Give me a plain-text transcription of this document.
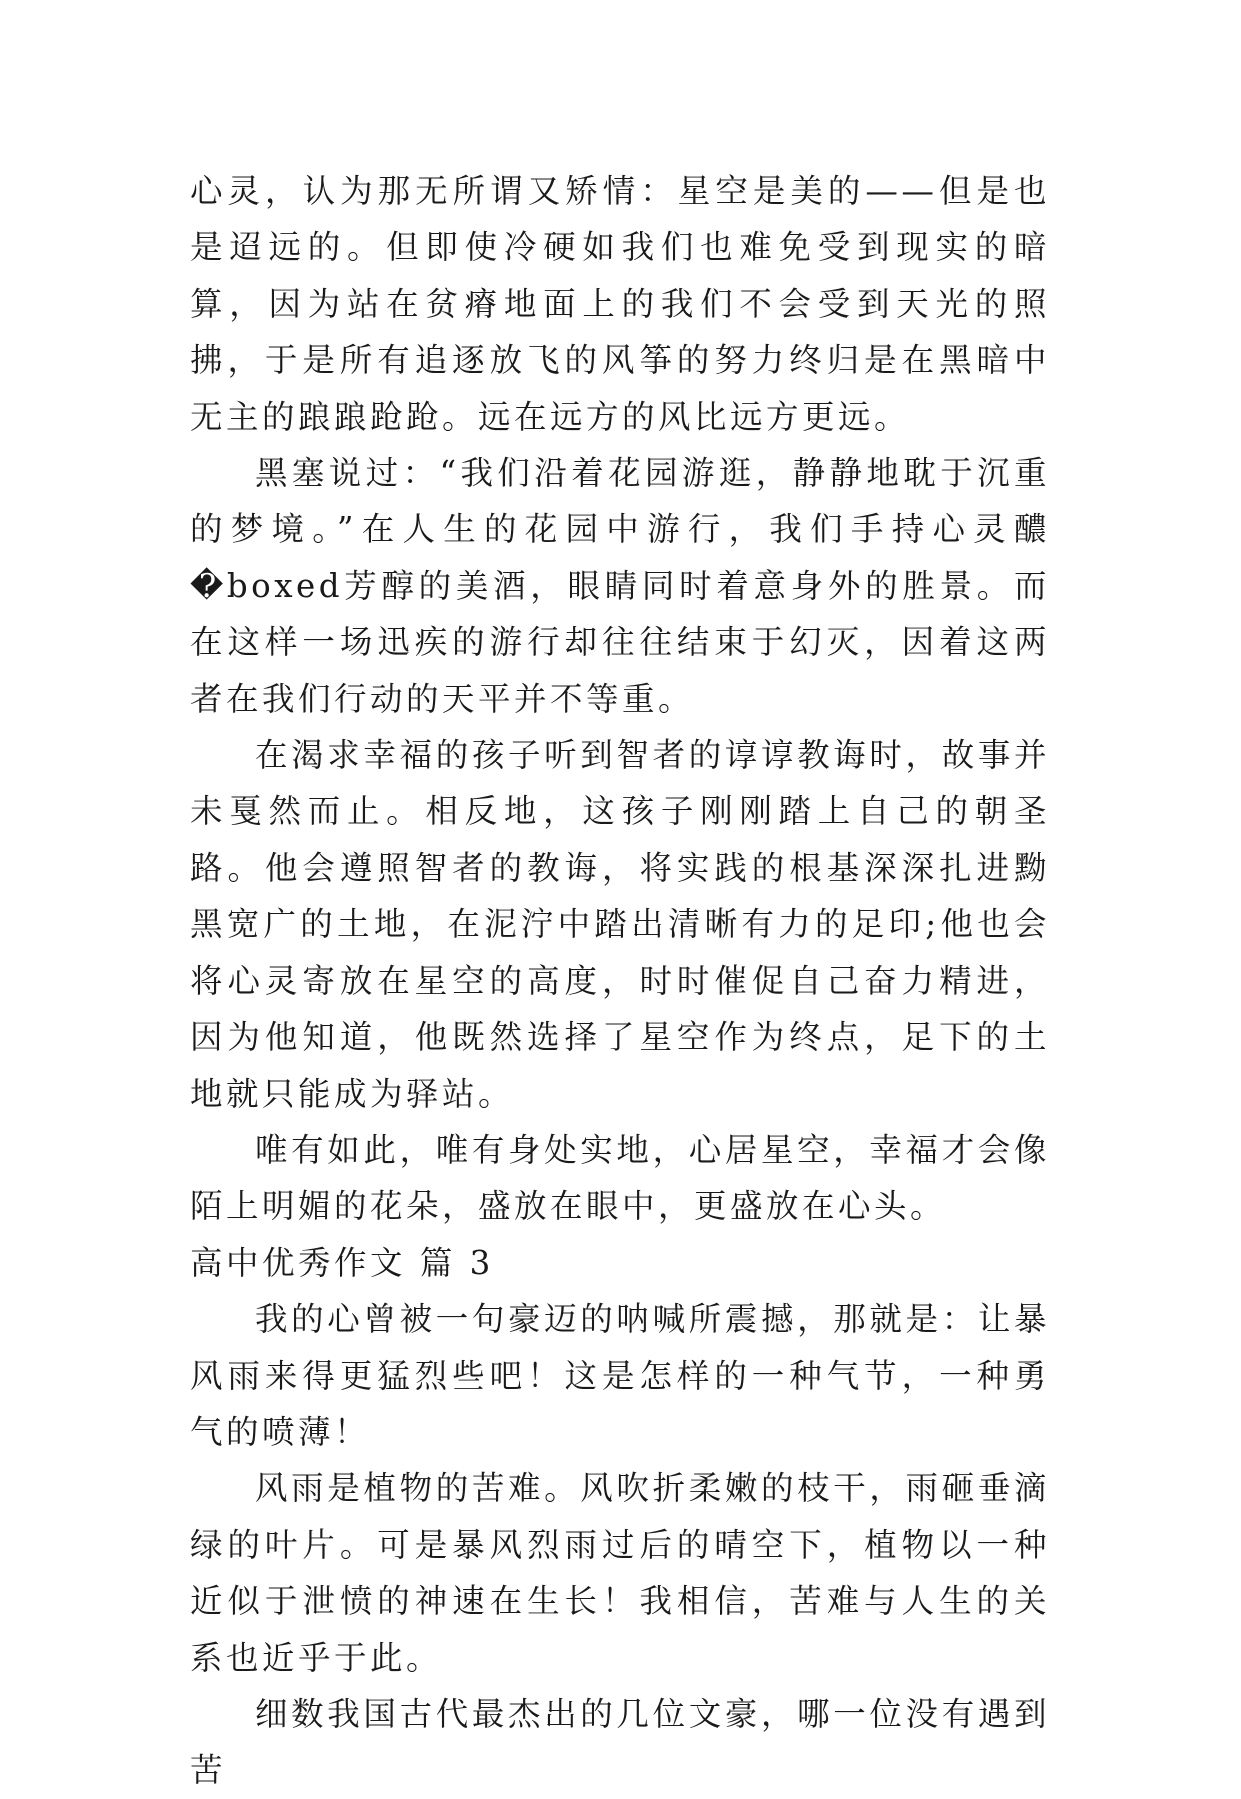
心灵，认为那无所谓又矫情：星空是美的——但是也是迢远的。但即使冷硬如我们也难免受到现实的暗算，因为站在贫瘠地面上的我们不会受到天光的照拂，于是所有追逐放飞的风筝的努力终归是在黑暗中无主的踉踉跄跄。远在远方的风比远方更远。

黑塞说过：“我们沿着花园游逛，静静地耽于沉重的梦境。”在人生的花园中游行，我们手持心灵醲�boxed芳醇的美酒，眼睛同时着意身外的胜景。而在这样一场迅疾的游行却往往结束于幻灭，因着这两者在我们行动的天平并不等重。

在渴求幸福的孩子听到智者的谆谆教诲时，故事并未戛然而止。相反地，这孩子刚刚踏上自己的朝圣路。他会遵照智者的教诲，将实践的根基深深扎进黝黑宽广的土地，在泥泞中踏出清晰有力的足印;他也会将心灵寄放在星空的高度，时时催促自己奋力精进，因为他知道，他既然选择了星空作为终点，足下的土地就只能成为驿站。

唯有如此，唯有身处实地，心居星空，幸福才会像陌上明媚的花朵，盛放在眼中，更盛放在心头。

高中优秀作文 篇 3

我的心曾被一句豪迈的呐喊所震撼，那就是：让暴风雨来得更猛烈些吧！这是怎样的一种气节，一种勇气的喷薄！

风雨是植物的苦难。风吹折柔嫩的枝干，雨砸垂滴绿的叶片。可是暴风烈雨过后的晴空下，植物以一种近似于泄愤的神速在生长！我相信，苦难与人生的关系也近乎于此。

细数我国古代最杰出的几位文豪，哪一位没有遇到苦
